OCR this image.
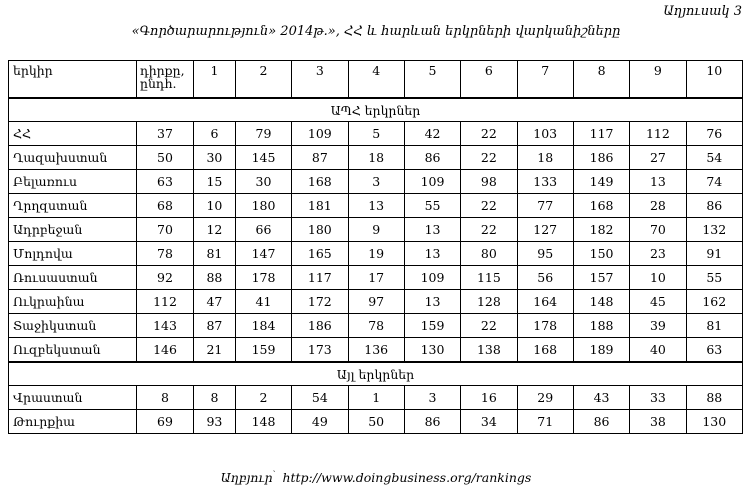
Աղյուսակ 3
«Գործարարություն» 2014թ.», ՀՀ և հարևան երկրների վարկանիշները
երկիր	դիրքը, ընդհ.	1	2	3	4	5	6	7	8	9	10
ԱՊՀ երկրներ											
ՀՀ	37	6	79	109	5	42	22	103	117	112	76
Ղազախստան	50	30	145	87	18	86	22	18	186	27	54
Բելառուս	63	15	30	168	3	109	98	133	149	13	74
Ղրղզստան	68	10	180	181	13	55	22	77	168	28	86
Ադրբեջան	70	12	66	180	9	13	22	127	182	70	132
Մոլդովա	78	81	147	165	19	13	80	95	150	23	91
Ռուսաստան	92	88	178	117	17	109	115	56	157	10	55
Ուկրաինա	112	47	41	172	97	13	128	164	148	45	162
Տաջիկստան	143	87	184	186	78	159	22	178	188	39	81
Ուզբեկստան	146	21	159	173	136	130	138	168	189	40	63
Այլ երկրներ											
Վրաստան	8	8	2	54	1	3	16	29	43	33	88
Թուրքիա	69	93	148	49	50	86	34	71	86	38	130
Աղբյուր՝ http://www.doingbusiness.org/rankings
